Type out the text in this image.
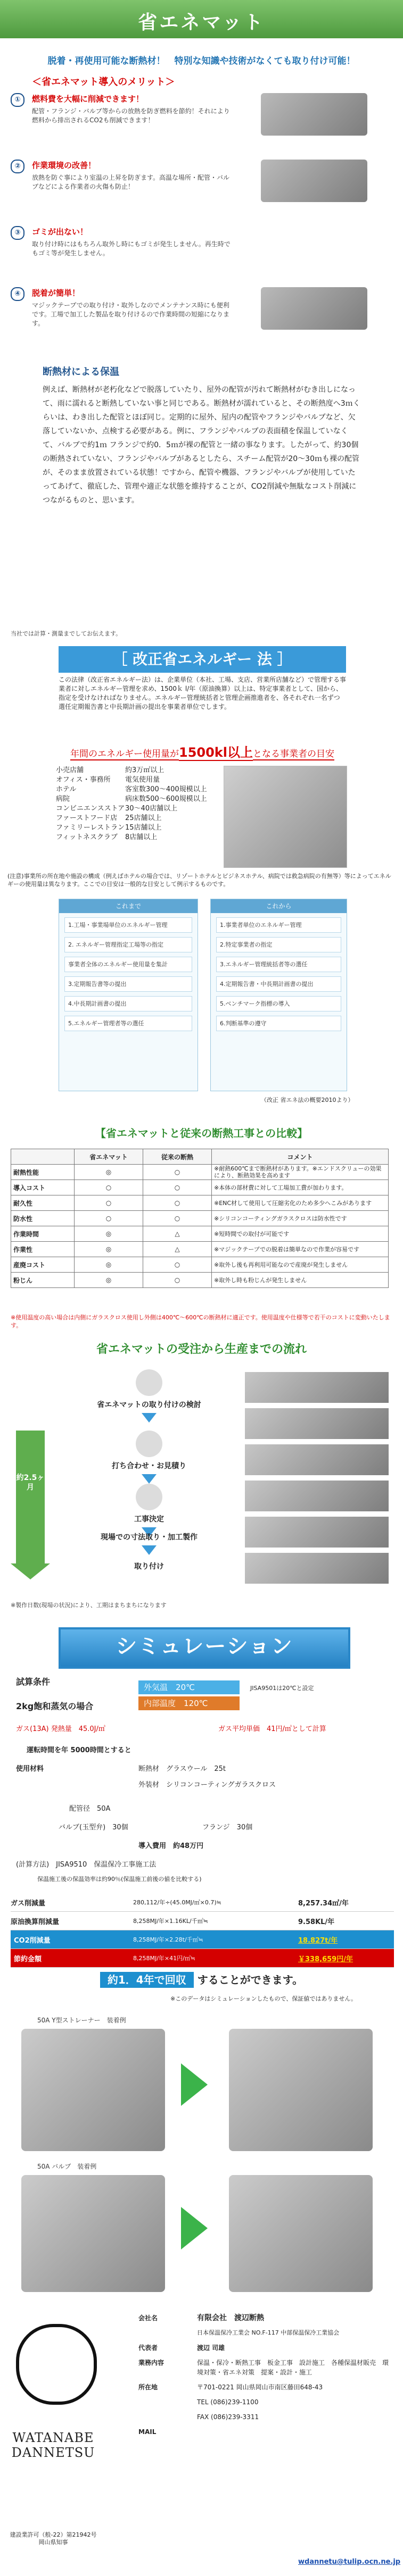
省エネマット
脱着・再使用可能な断熱材！　特別な知識や技術がなくても取り付け可能！
＜省エネマット導入のメリット＞
①	燃料費を大幅に削減できます！
配管・フランジ・バルブ等からの放熱を防ぎ燃料を節約！それにより燃料から排出されるCO2も削減できます！
②	作業環境の改善！
放熱を防ぐ事により室温の上昇を防ぎます。高温な場所・配管・バルブなどによる作業者の火傷も防止！
③	ゴミが出ない！
取り付け時にはもちろん取外し時にもゴミが発生しません。再生時でもゴミ等が発生しません。
④	脱着が簡単！
マジックテープでの取り付け・取外しなのでメンテナンス時にも便利です。工場で加工した製品を取り付けるので作業時間の短縮になります。
断熱材による保温
例えば、断熱材が老朽化などで脱落していたり、屋外の配管が汚れて断熱材がむき出しになって、雨に濡れると断熱していない事と同じである。断熱材が濡れていると、その断熱度へ3ｍくらいは、わき出した配管とほぼ同じ。定期的に屋外、屋内の配管やフランジやバルブなど、欠落していないか、点検する必要がある。例に、フランジやバルブの表面積を保温していなくて、バルブで約1ｍ フランジで約0．5ｍが裸の配管と一緒の事なります。したがって、約30個の断熱されていない、フランジやバルブがあるとしたら、スチーム配管が20～30ｍも裸の配管が、そのまま放置されている状態！ですから、配管や機器、フランジやバルブが使用していたってあげて、徹底した、管理や適正な状態を維持することが、CO2削減や無駄なコスト削減につながるものと、思います。
当社では計算・測量までしてお伝えます。
［ 改正省エネルギー 法 ］
この法律（改正省エネルギー法）は、企業単位（本社、工場、支店、営業所店舗など）で管理する事業者に対しエネルギー管理を求め、1500ｋ l/年（原油換算）以上は、特定事業者として、国から、指定を受けなければなりません。エネルギー管理統括者と管理企画推進者を、各それぞれ一名ずつ選任定期報告書と中長期計画の提出を事業者単位でします。
年間のエネルギー使用量が1500kl以上となる事業者の目安
小売店舗	約3万㎡以上
オフィス・事務所	電気使用量
ホテル	客室数300～400規模以上
病院	病床数500～600規模以上
コンビニエンスストア 30～40店舗以上
ファーストフード店	25店舗以上
ファミリーレストラン 15店舗以上
フィットネスクラブ	8店舗以上
(注意)事業所の所在地や施設の構成（例えばホテルの場合では、リゾートホテルとビジネスホテル、病院では救急病院の有無等）等によってエネルギーの使用量は異なります。ここでの目安は一般的な目安として例示するものです。
これまで
1.工場・事業場単位のエネルギー管理
2. エネルギー管理指定工場等の指定
事業者全体のエネルギー使用量を集計
3.定期報告書等の提出
4.中長期計画書の提出
5.エネルギー管理者等の選任
これから
1.事業者単位のエネルギー管理
2.特定事業者の指定
3.エネルギー管理統括者等の選任
4.定期報告書・中長期計画書の提出
5.ベンチマーク指標の導入
6.判断基準の遵守
（改正 省エネ法の概要2010より）
【省エネマットと従来の断熱工事との比較】
	省エネマット	従来の断熱	コメント
耐熱性能	◎	○	※耐熱600℃まで断熱材があります。※エンドスクリューの効果により、断熱効果を高めます
導入コスト	○	○	※本体の部材費に対して工場加工費が加わります。
耐久性	○	○	※ENC材して使用して圧縮劣化のため多少へこみがあります
防水性	○	○	※シリコンコーティングガラスクロスは防水性です
作業時間	◎	△	※短時間での取付が可能です
作業性	◎	△	※マジックテープでの脱着は簡単なので作業が容易です
産廃コスト	◎	○	※取外し後も再利用可能なので産廃が発生しません
粉じん	◎	○	※取外し時も粉じんが発生しません
※使用温度の高い場合は内側にガラスクロス使用し外側は400℃～600℃の断熱材に適正です。使用温度や仕様等で若干のコストに変動いたします。
省エネマットの受注から生産までの流れ
省エネマットの取り付けの検討
打ち合わせ・お見積り
工事決定
現場での寸法取り・加工製作
取り付け
約2.5ヶ月
※製作日数(現場の状況)により、工期はまちまちになります
シミュレーション
試算条件
外気温　 20℃
内部温度　 120℃
JISA9501は20℃と設定
2kg飽和蒸気の場合
ガス(13A) 発熱量　45.0J/㎥	ガス平均単価　41円/㎥として計算
運転時間を年 5000時間とすると
使用材料	断熱材　グラスウール　25t
外装材　シリコンコーティングガラスクロス
配管径　50A
バルブ(玉型弁)　30個	フランジ　30個
導入費用　約48万円
(計算方法)　JISA9510　保温保冷工事施工法
保温施工後の保温効率は約90％(保温施工前後の値を比較する)
ガス削減量	280,112/年÷(45.0MJ/㎥×0.7)≒	8,257.34㎥/年
原油換算削減量	8,258MJ/年×1.16KL/千㎥≒	9.58KL/年
CO2削減量	8,258MJ/年×2.28t/千㎥≒	18.827t/年
節約金額	8,258MJ/年×41円/㎥≒	￥338,659円/年
約1．4年で回収 することができます。
※このデータはシミュレーションしたもので、保証値ではありません。
50A Y型ストレーナー　装着例
50A バルブ　装着例
WATANABE DANNETSU
建設業許可（般-22）第21942号
岡山県知事
会社名	有限会社　渡辺断熱
日本保温保冷工業会 NO.F-117 中部保温保冷工業協会
代表者	渡辺 司雄
業務内容	保温・保冷・断熱工事　板金工事　設計施工　各種保温材販売　環境対策・省エネ対策　提案・設計・施工
所在地	〒701-0221 岡山県岡山市南区藤田648-43
TEL (086)239-1100
FAX (086)239-3311
MAIL
wdannetu@tulip.ocn.ne.jp
